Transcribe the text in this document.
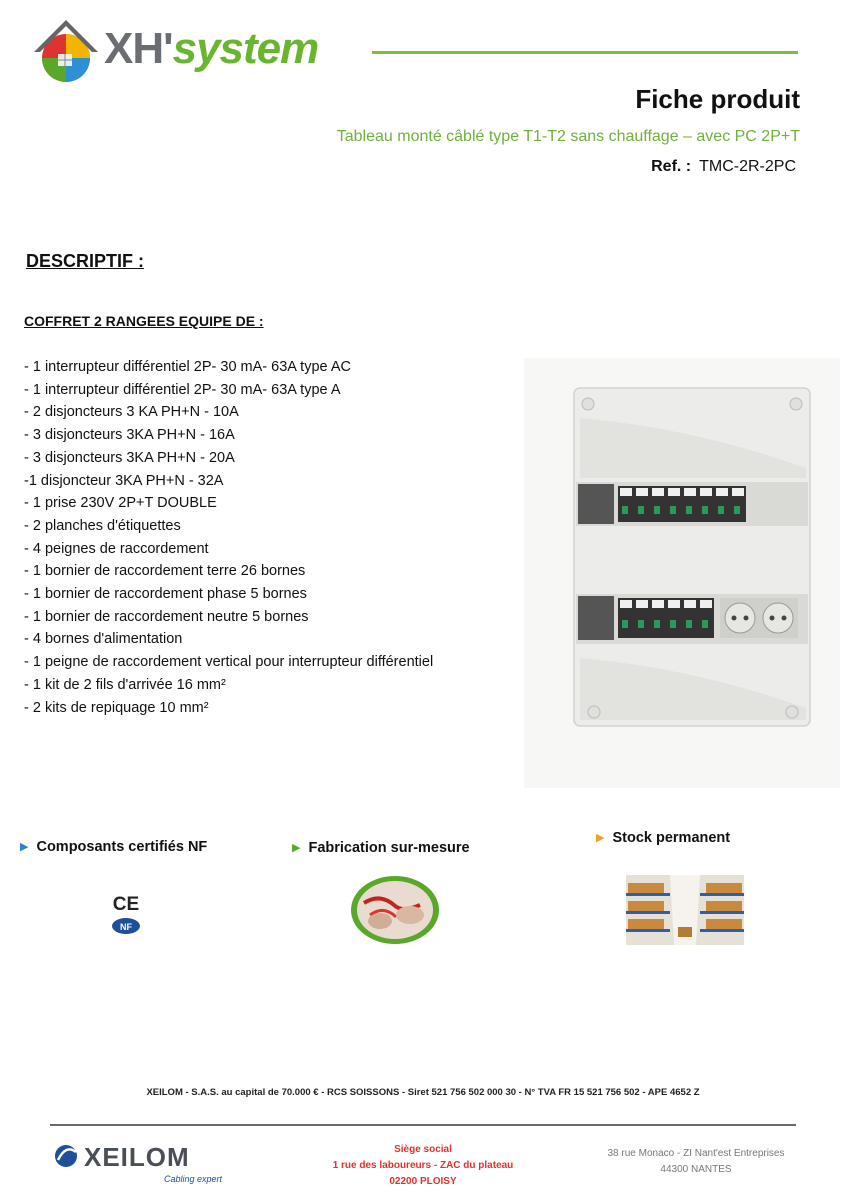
XH'system
Fiche produit
Tableau monté câblé type T1-T2 sans chauffage – avec PC 2P+T
Ref. : TMC-2R-2PC
DESCRIPTIF :
COFFRET 2 RANGEES EQUIPE DE :
- 1 interrupteur différentiel 2P- 30 mA- 63A type AC
- 1 interrupteur différentiel 2P- 30 mA- 63A type A
- 2 disjoncteurs 3 KA PH+N - 10A
- 3 disjoncteurs 3KA PH+N - 16A
- 3 disjoncteurs 3KA PH+N - 20A
-1 disjoncteur 3KA PH+N - 32A
- 1 prise 230V 2P+T DOUBLE
- 2 planches d'étiquettes
- 4 peignes de raccordement
- 1 bornier de raccordement terre 26 bornes
- 1 bornier de raccordement phase 5 bornes
- 1 bornier de raccordement neutre 5 bornes
- 4 bornes d'alimentation
- 1 peigne de raccordement vertical pour interrupteur différentiel
- 1 kit de 2 fils d'arrivée 16 mm²
- 2 kits de repiquage 10 mm²
▶ Composants certifiés NF	▶ Fabrication sur-mesure
▶ Stock permanent
CE
NF
XEILOM - S.A.S. au capital de 70.000 € - RCS SOISSONS - Siret 521 756 502 000 30 - N° TVA FR 15 521 756 502 - APE 4652 Z
XEILOM
Cabling expert
Siège social
1 rue des laboureurs - ZAC du plateau
02200 PLOISY
38 rue Monaco - ZI Nant'est Entreprises
44300 NANTES
